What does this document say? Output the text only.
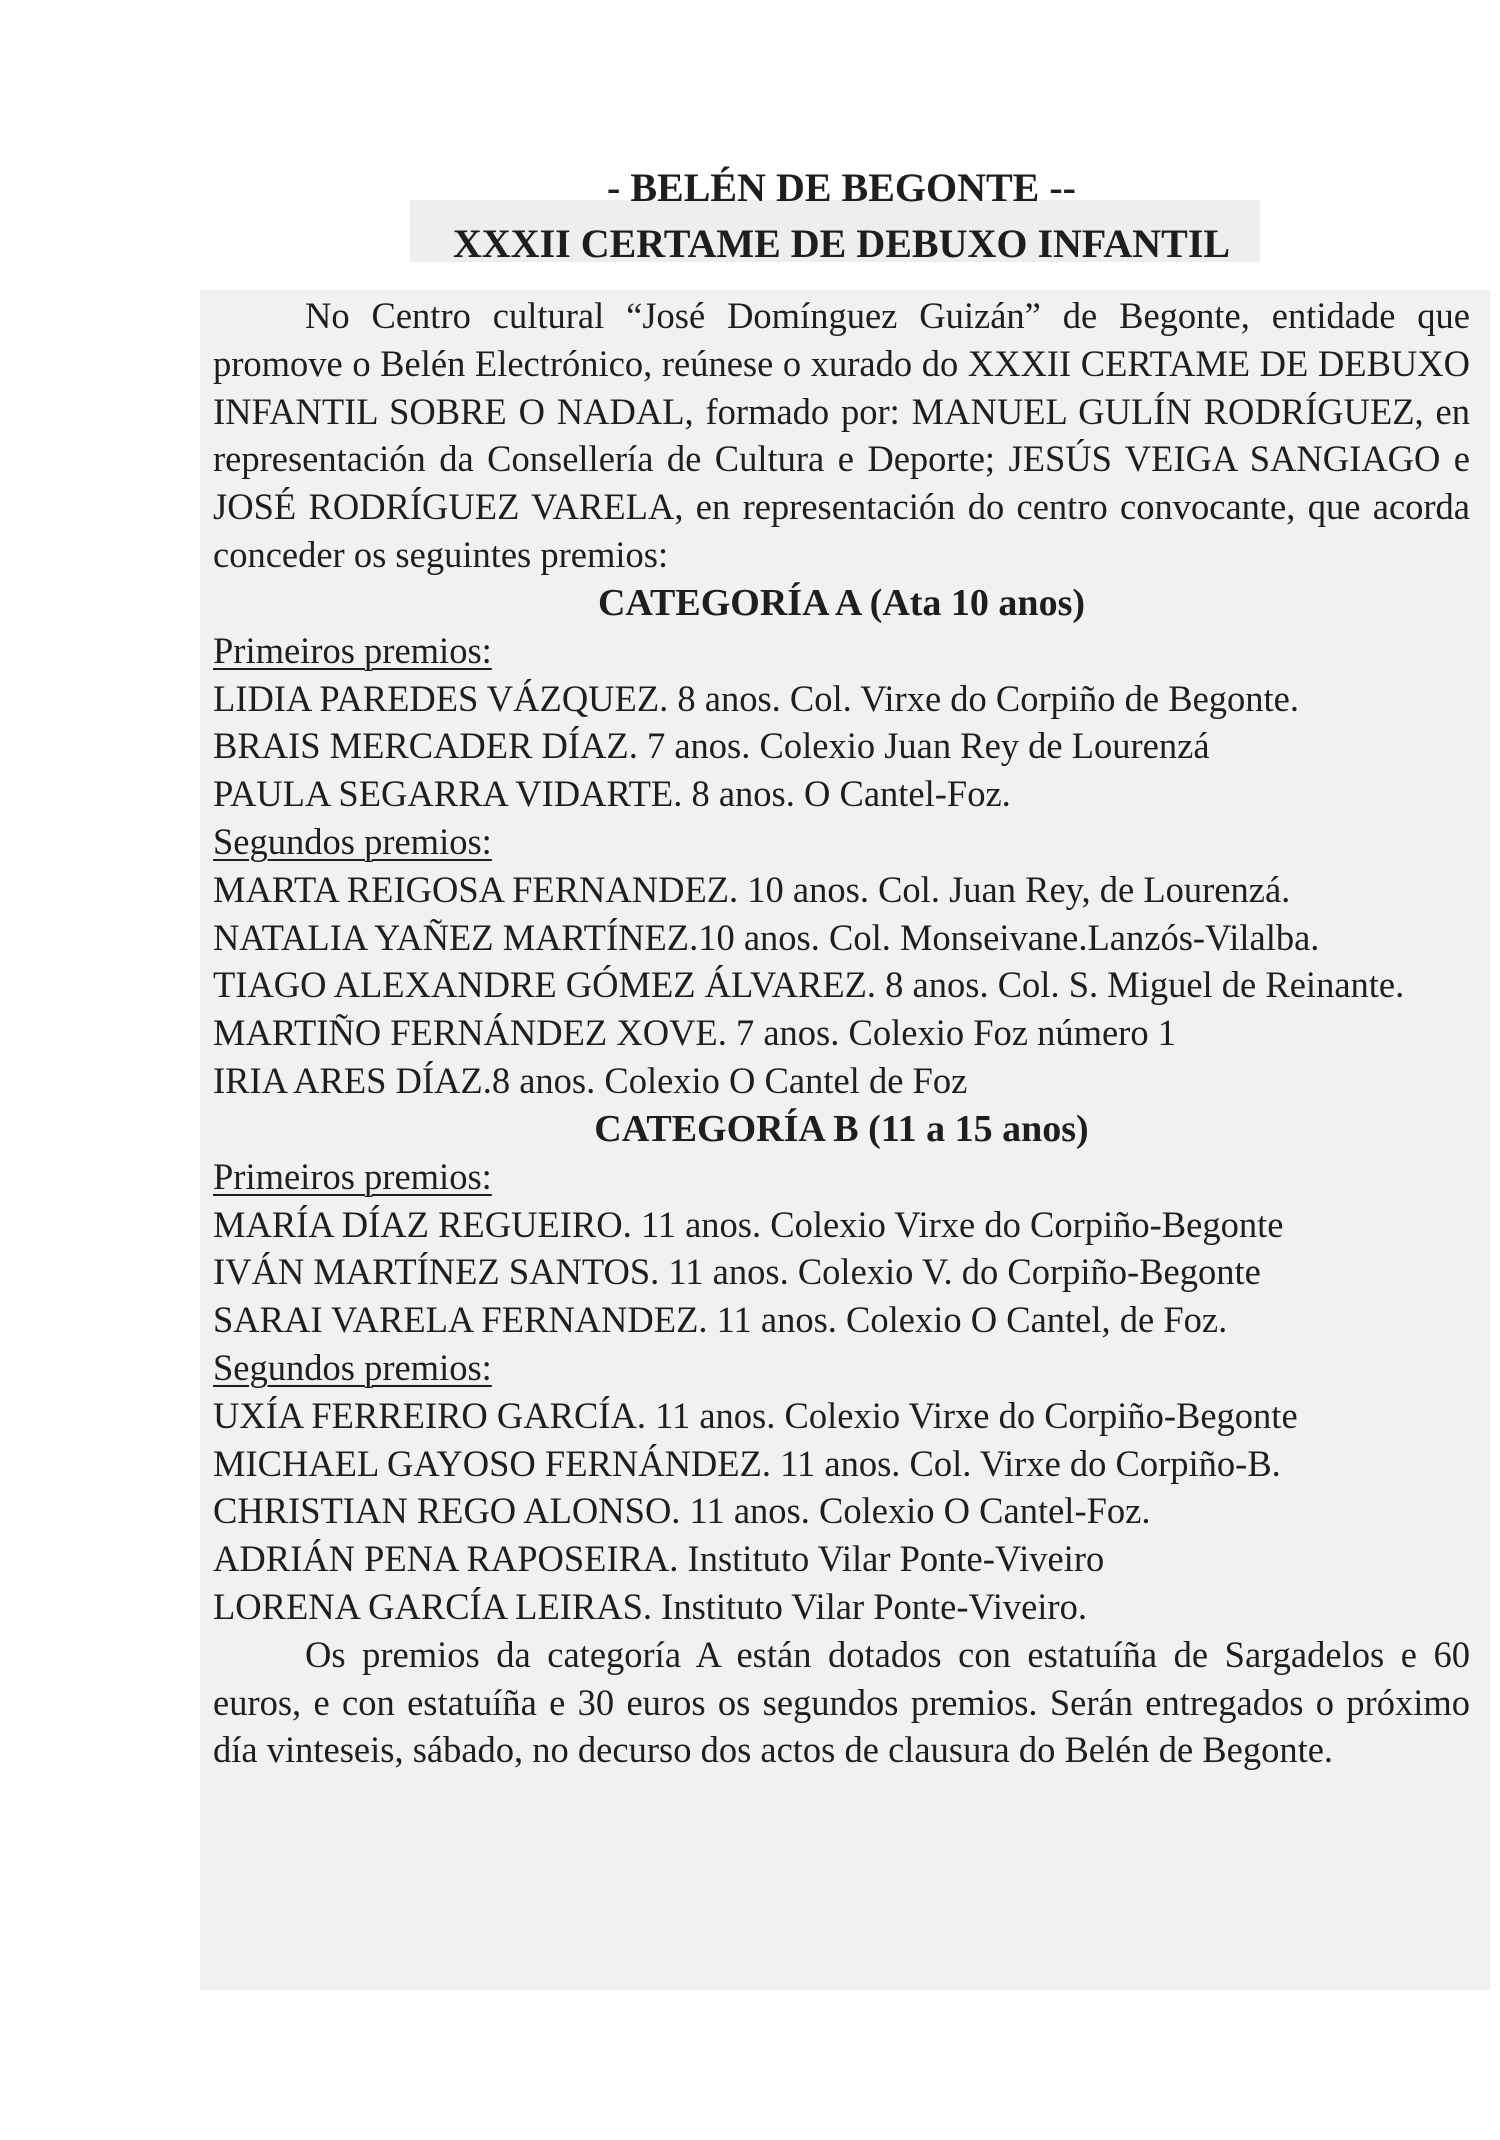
- BELÉN DE BEGONTE --

XXXII CERTAME DE DEBUXO INFANTIL

No Centro cultural “José Domínguez Guizán” de Begonte, entidade que promove o Belén Electrónico, reúnese o xurado do XXXII CERTAME DE DEBUXO INFANTIL SOBRE O NADAL, formado por: MANUEL GULÍN RODRÍGUEZ, en representación da Consellería de Cultura e Deporte; JESÚS VEIGA SANGIAGO e JOSÉ RODRÍGUEZ VARELA, en representación do centro convocante, que acorda conceder os seguintes premios:

CATEGORÍA A (Ata 10 anos)

Primeiros premios:

LIDIA PAREDES VÁZQUEZ. 8 anos. Col. Virxe do Corpiño de Begonte.

BRAIS MERCADER DÍAZ. 7 anos. Colexio Juan Rey de Lourenzá

PAULA SEGARRA VIDARTE. 8 anos. O Cantel-Foz.

Segundos premios:

MARTA REIGOSA FERNANDEZ. 10 anos. Col. Juan Rey, de Lourenzá.

NATALIA YAÑEZ MARTÍNEZ.10 anos. Col. Monseivane.Lanzós-Vilalba.

TIAGO ALEXANDRE GÓMEZ ÁLVAREZ. 8 anos. Col. S. Miguel de Reinante.

MARTIÑO FERNÁNDEZ XOVE. 7 anos. Colexio Foz número 1

IRIA ARES DÍAZ.8 anos. Colexio O Cantel de Foz

CATEGORÍA B (11 a 15 anos)

Primeiros premios:

MARÍA DÍAZ REGUEIRO. 11 anos. Colexio Virxe do Corpiño-Begonte

IVÁN MARTÍNEZ SANTOS. 11 anos. Colexio V. do Corpiño-Begonte

SARAI VARELA FERNANDEZ. 11 anos. Colexio O Cantel, de Foz.

Segundos premios:

UXÍA FERREIRO GARCÍA. 11 anos. Colexio Virxe do Corpiño-Begonte

MICHAEL GAYOSO FERNÁNDEZ. 11 anos. Col. Virxe do Corpiño-B.

CHRISTIAN REGO ALONSO. 11 anos. Colexio O Cantel-Foz.

ADRIÁN PENA RAPOSEIRA. Instituto Vilar Ponte-Viveiro

LORENA GARCÍA LEIRAS. Instituto Vilar Ponte-Viveiro.

Os premios da categoría A están dotados con estatuíña de Sargadelos e 60 euros, e con estatuíña e 30 euros os segundos premios. Serán entregados o próximo día vinteseis, sábado, no decurso dos actos de clausura do Belén de Begonte.
